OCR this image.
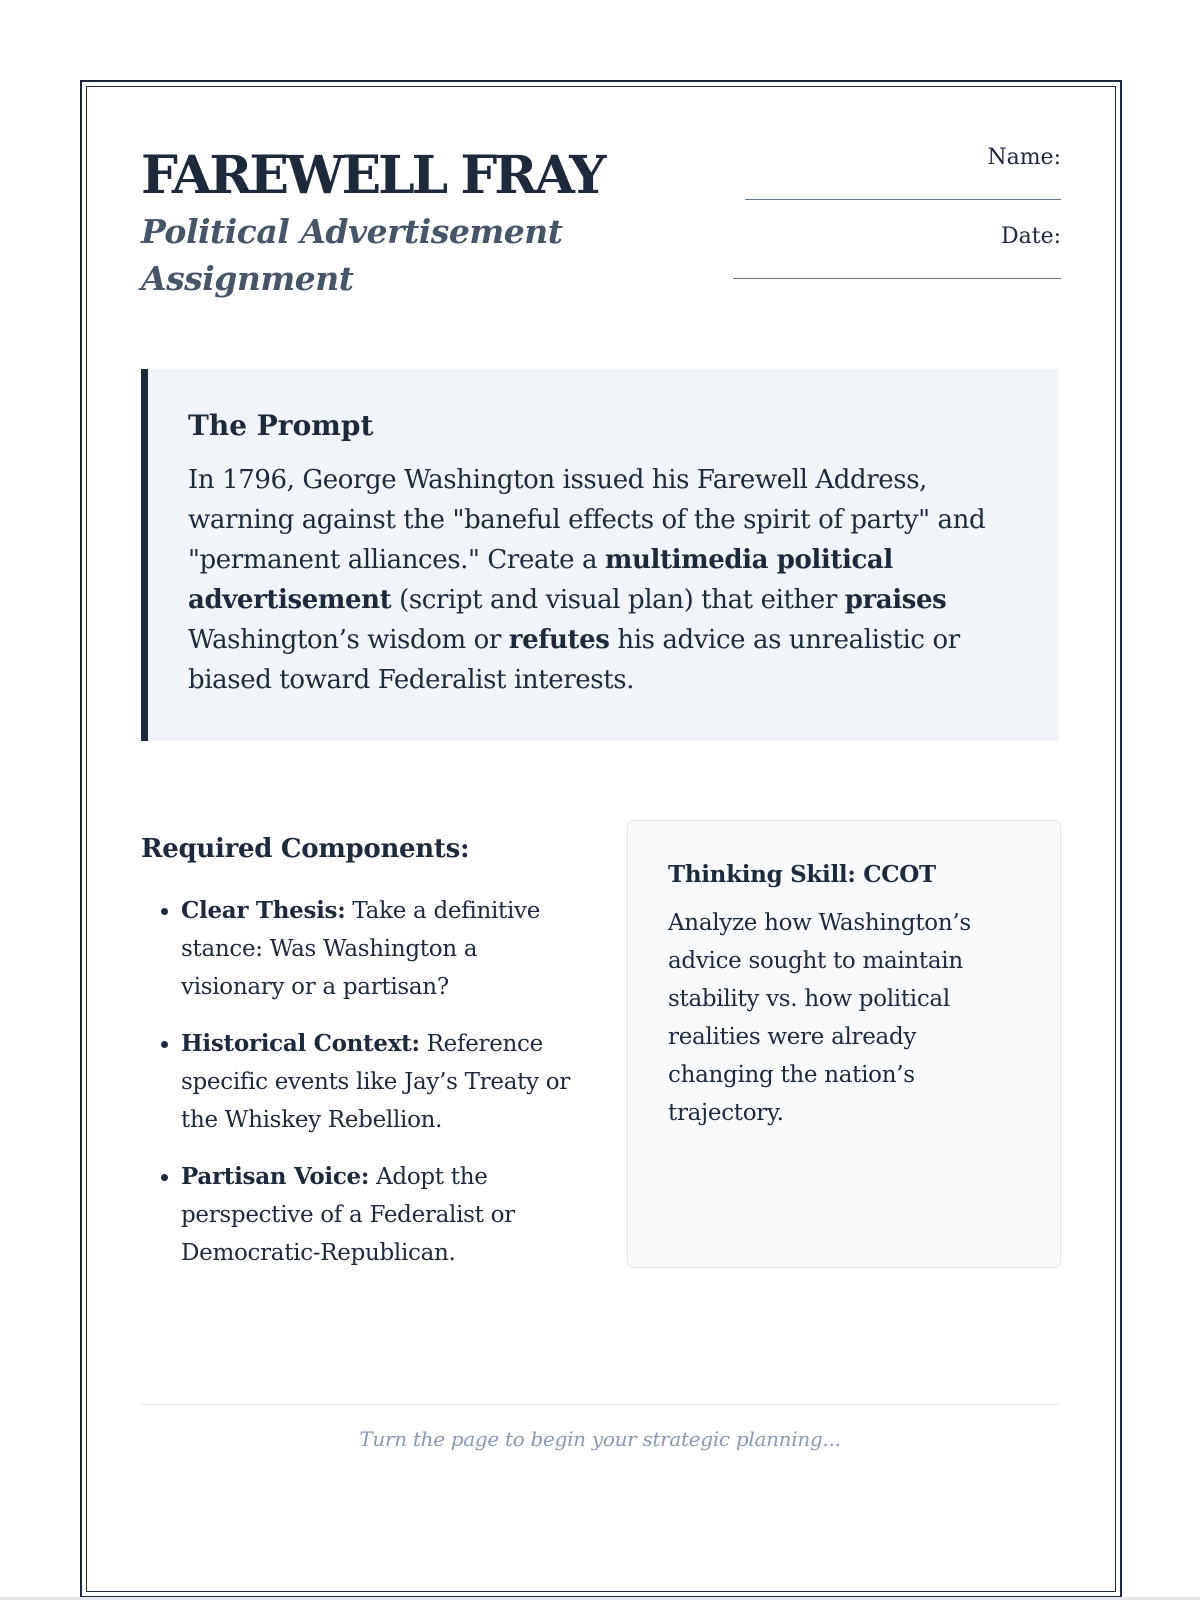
FAREWELL FRAY
Political Advertisement Assignment
Name:
Date:
The Prompt

In 1796, George Washington issued his Farewell Address, warning against the "baneful effects of the spirit of party" and "permanent alliances." Create a multimedia political advertisement (script and visual plan) that either praises Washington’s wisdom or refutes his advice as unrealistic or biased toward Federalist interests.

Required Components:
• Clear Thesis: Take a definitive stance: Was Washington a visionary or a partisan?
• Historical Context: Reference specific events like Jay’s Treaty or the Whiskey Rebellion.
• Partisan Voice: Adopt the perspective of a Federalist or Democratic-Republican.
Thinking Skill: CCOT

Analyze how Washington’s advice sought to maintain stability vs. how political realities were already changing the nation’s trajectory.

Turn the page to begin your strategic planning...
